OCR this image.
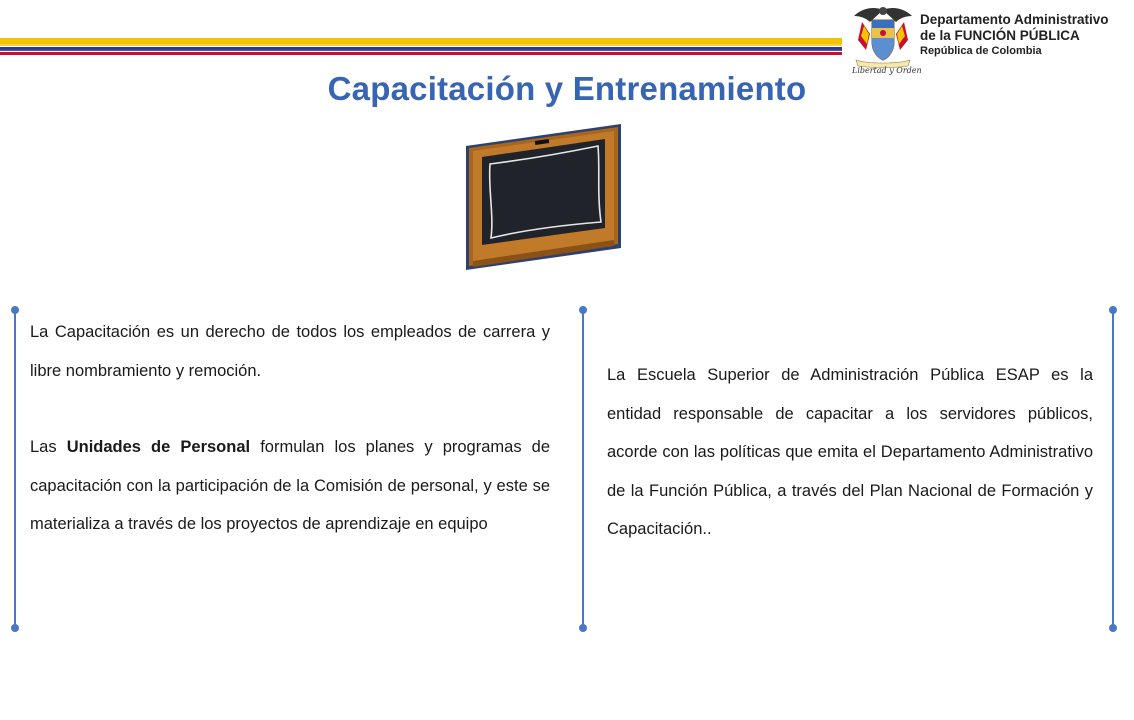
Libertad y Orden
Departamento Administrativo
de la FUNCIÓN PÚBLICA
República de Colombia
Capacitación y Entrenamiento

La Capacitación es un derecho de todos los empleados de carrera y libre nombramiento y remoción.

Las Unidades de Personal formulan los planes y programas de capacitación con la participación de la Comisión de personal, y este se materializa a través de los proyectos de aprendizaje en equipo

La Escuela Superior de Administración Pública ESAP es la entidad responsable de capacitar a los servidores públicos, acorde con las políticas que emita el Departamento Administrativo de la Función Pública, a través del Plan Nacional de Formación y Capacitación..
